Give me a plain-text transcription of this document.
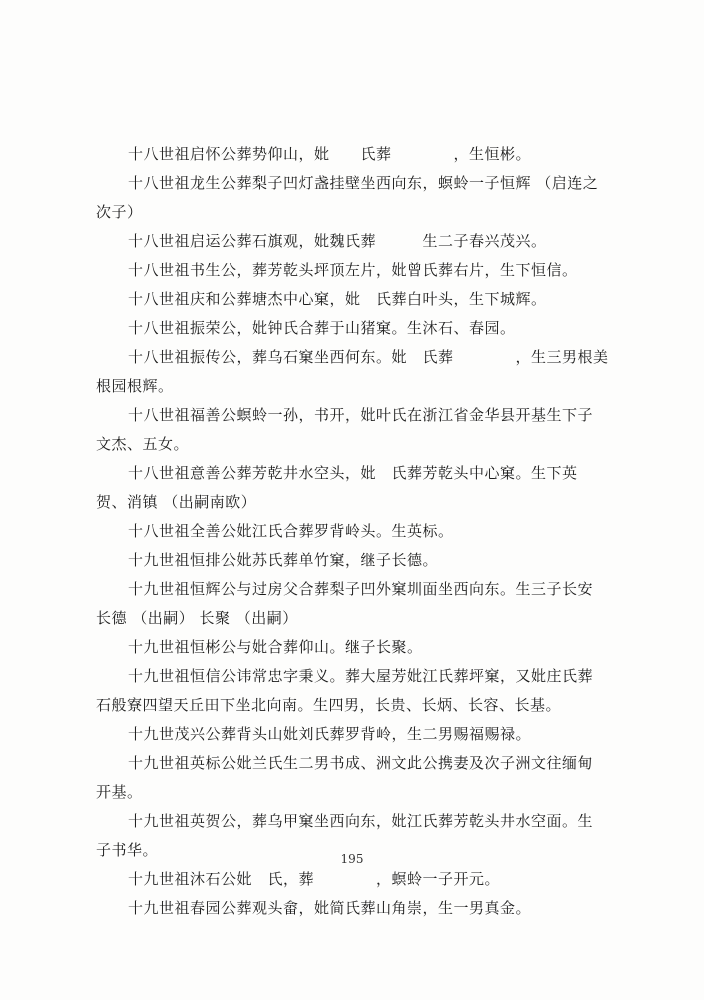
十八世祖启怀公葬势仰山，妣　　氏葬　　　　，生恒彬。
十八世祖龙生公葬梨子凹灯盏挂壁坐西向东，螟蛉一子恒辉 （启连之
次子）
十八世祖启运公葬石旗观，妣魏氏葬　　　生二子春兴茂兴。
十八世祖书生公，葬芳乾头坪顶左片，妣曾氏葬右片，生下恒信。
十八世祖庆和公葬塘杰中心窠，妣　氏葬白叶头，生下城辉。
十八世祖振荣公，妣钟氏合葬于山猪窠。生沐石、春园。
十八世祖振传公，葬乌石窠坐西何东。妣　氏葬　　　　，生三男根美
根园根辉。
十八世祖福善公螟蛉一孙，书开，妣叶氏在浙江省金华县开基生下子
文杰、五女。
十八世祖意善公葬芳乾井水空头，妣　氏葬芳乾头中心窠。生下英
贺、消镇 （出嗣南欧）
十八世祖全善公妣江氏合葬罗背岭头。生英标。
十九世祖恒排公妣苏氏葬单竹窠，继子长德。
十九世祖恒辉公与过房父合葬梨子凹外窠圳面坐西向东。生三子长安
长德 （出嗣） 长聚 （出嗣）
十九世祖恒彬公与妣合葬仰山。继子长聚。
十九世祖恒信公讳常忠字秉义。葬大屋芳妣江氏葬坪窠，又妣庄氏葬
石般寮四望天丘田下坐北向南。生四男，长贵、长炳、长容、长基。
十九世茂兴公葬背头山妣刘氏葬罗背岭，生二男赐福赐禄。
十九世祖英标公妣兰氏生二男书成、洲文此公携妻及次子洲文往缅甸
开基。
十九世祖英贺公，葬乌甲窠坐西向东，妣江氏葬芳乾头井水空面。生
子书华。
十九世祖沐石公妣　氏，葬　　　　，螟蛉一子开元。
十九世祖春园公葬观头畲，妣简氏葬山角崇，生一男真金。
195
